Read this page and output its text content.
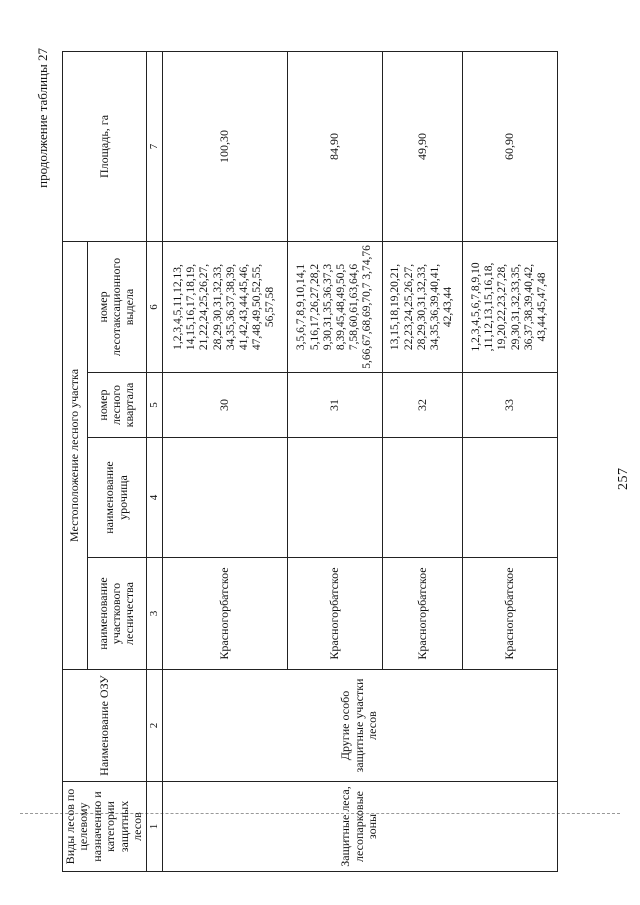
257
продолжение таблицы 27
Виды лесов по целевому назначению и категории защитных лесов	Наименование ОЗУ	Местоположение лесного участка				Площадь, га
		наименование участкового лесничества	наименование урочища	номер лесного квартала	номер лесотаксационного выдела	
1	2	3	4	5	6	7
Защитные леса, лесопарковые зоны	Другие особо защитные участки лесов	Красногорбатское		30	1,2,3,4,5,11,12,13, 14,15,16,17,18,19, 21,22,24,25,26,27, 28,29,30,31,32,33, 34,35,36,37,38,39, 41,42,43,44,45,46, 47,48,49,50,52,55, 56,57,58	100,30
		Красногорбатское		31	3,5,6,7,8,9,10,14,1 5,16,17,26,27,28,2 9,30,31,35,36,37,3 8,39,45,48,49,50,5 7,58,60,61,63,64,6 5,66,67,68,69,70,7 3,74,76	84,90
		Красногорбатское		32	13,15,18,19,20,21, 22,23,24,25,26,27, 28,29,30,31,32,33, 34,35,36,39,40,41, 42,43,44	49,90
		Красногорбатское		33	1,2,3,4,5,6,7,8,9,10 ,11,12,13,15,16,18, 19,20,22,23,27,28, 29,30,31,32,33,35, 36,37,38,39,40,42, 43,44,45,47,48	60,90
